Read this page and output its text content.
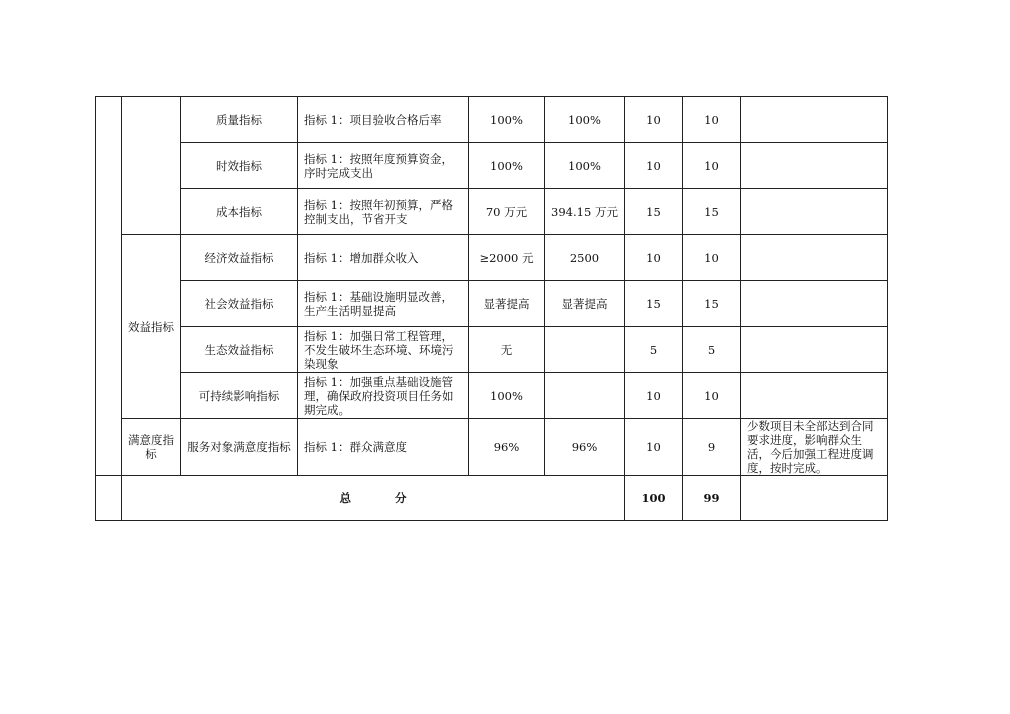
		质量指标	指标 1：项目验收合格后率	100%	100%	10	10	
		时效指标	指标 1：按照年度预算资金，序时完成支出	100%	100%	10	10	
		成本指标	指标 1：按照年初预算，严格控制支出，节省开支	70 万元	394.15 万元	15	15	
	效益指标	经济效益指标	指标 1：增加群众收入	≥2000 元	2500	10	10	
		社会效益指标	指标 1：基础设施明显改善，生产生活明显提高	显著提高	显著提高	15	15	
		生态效益指标	指标 1：加强日常工程管理，不发生破坏生态环境、环境污染现象	无		5	5	
		可持续影响指标	指标 1：加强重点基础设施管理，确保政府投资项目任务如期完成。	100%		10	10	
	满意度指标	服务对象满意度指标	指标 1：群众满意度	96%	96%	10	9	少数项目未全部达到合同要求进度，影响群众生活，今后加强工程进度调度，按时完成。
	总 分					100	99	
